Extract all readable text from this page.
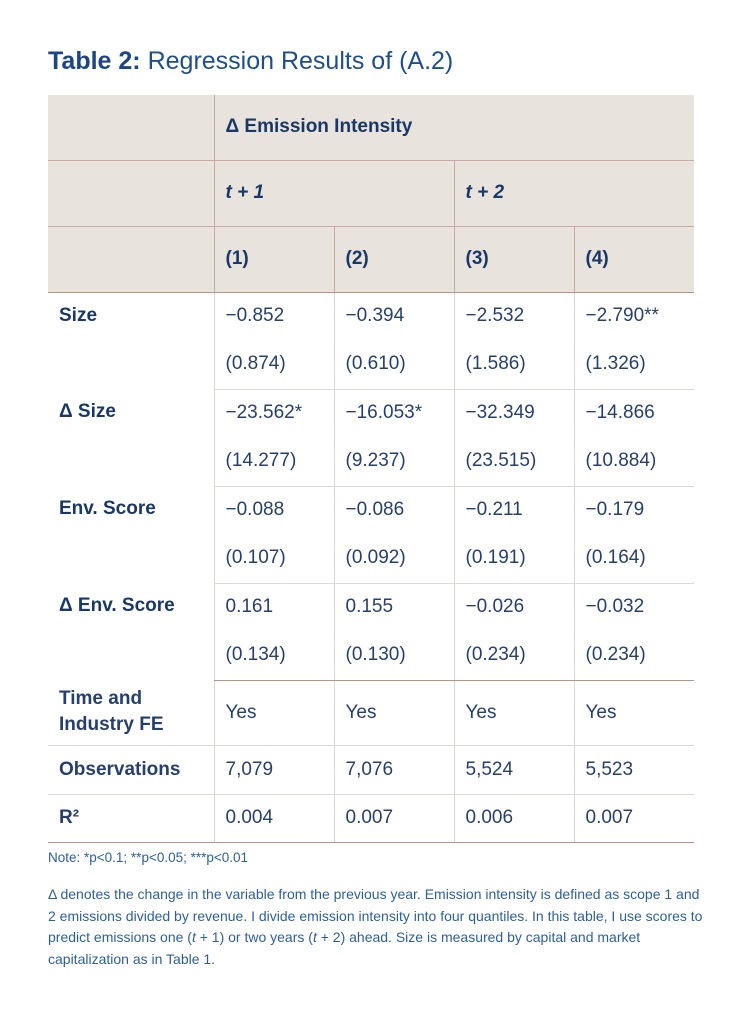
Table 2: Regression Results of (A.2)
	Δ Emission Intensity			
	t + 1		t + 2	
	(1)	(2)	(3)	(4)
Size	−0.852	−0.394	−2.532	−2.790**
	(0.874)	(0.610)	(1.586)	(1.326)
Δ Size	−23.562*	−16.053*	−32.349	−14.866
	(14.277)	(9.237)	(23.515)	(10.884)
Env. Score	−0.088	−0.086	−0.211	−0.179
	(0.107)	(0.092)	(0.191)	(0.164)
Δ Env. Score	0.161	0.155	−0.026	−0.032
	(0.134)	(0.130)	(0.234)	(0.234)
Time and
Industry FE	Yes	Yes	Yes	Yes
Observations	7,079	7,076	5,524	5,523
R²	0.004	0.007	0.006	0.007
Note: *p<0.1; **p<0.05; ***p<0.01
Δ denotes the change in the variable from the previous year. Emission intensity is defined as scope 1 and 2 emissions divided by revenue. I divide emission intensity into four quantiles. In this table, I use scores to predict emissions one (t + 1) or two years (t + 2) ahead. Size is measured by capital and market capitalization as in Table 1.
